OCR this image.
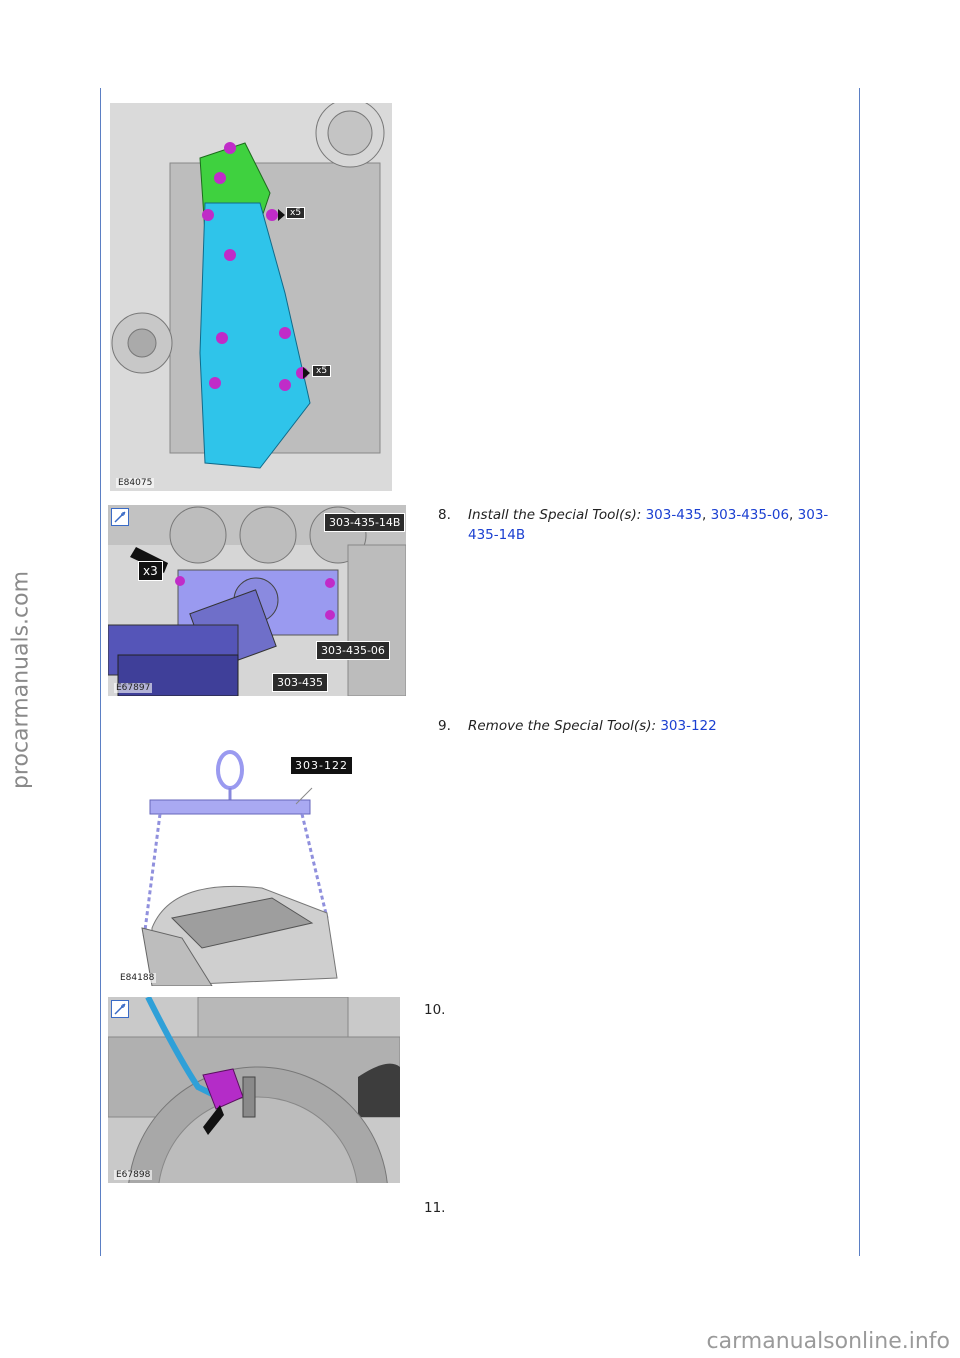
x5
x5
E84075
303-435-14B
303-435-06
303-435
x3
E67897
8. Install the Special Tool(s): 303-435, 303-435-06, 303-435-14B
9. Remove the Special Tool(s): 303-122
303-122
E84188
E67898
10.
11.
procarmanuals.com
carmanualsonline.info
